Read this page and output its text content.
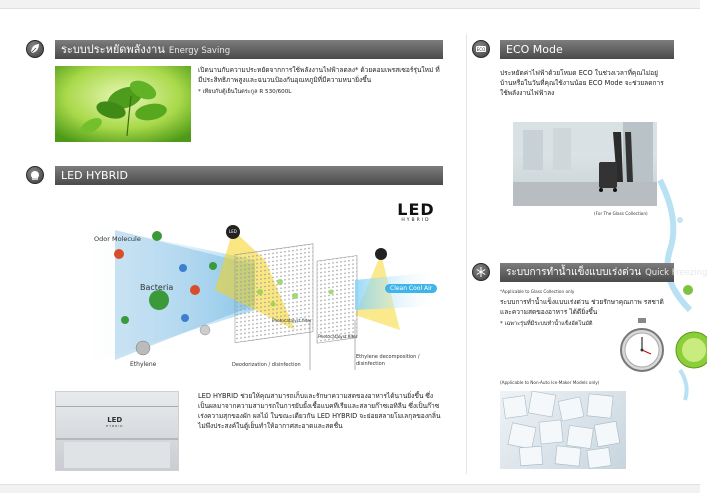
ระบบประหยัดพลังงาน Energy Saving
เปิดนานกับความประหยัดจากการใช้พลังงานไฟฟ้าลดลง* ด้วยคอมเพรสเซอร์รุ่นใหม่ ที่มีประสิทธิภาพสูงและฉนวนป้องกันอุณหภูมิที่มีความหนายิ่งขึ้น
* เทียบกับตู้เย็นในตระกูล R 530/600L
LED HYBRID
LED
HYBRID
LED
Odor Molecule
Bacteria
Ethylene
Clean Cool Air
Photocatalyst filter
Photocatalyst filter
Deodorization / disinfection
Ethylene decomposition / disinfection
LED
HYBRID
LED HYBRID ช่วยให้คุณสามารถเก็บและรักษาความสดของอาหารได้นานยิ่งขึ้น ซึ่งเป็นผลมาจากความสามารถในการยับยั้งเชื้อแบคทีเรียและสลายก๊าซเอทิลีน ซึ่งเป็นก๊าซเร่งความสุกของผัก ผลไม้ ในขณะเดียวกัน LED HYBRID จะย่อยสลายโมเลกุลของกลิ่นไม่พึงประสงค์ในตู้เย็นทำให้อากาศสะอาดและสดชื่น
ECO	ECO Mode
ประหยัดค่าไฟฟ้าด้วยโหมด ECO ในช่วงเวลาที่คุณไม่อยู่บ้านหรือในวันที่คุณใช้งานน้อย ECO Mode จะช่วยลดการใช้พลังงานไฟฟ้าลง
(For The Glass Collection)
ระบบการทำน้ำแข็งแบบเร่งด่วน Quick Freezing
*Applicable to Glass Collection only
ระบบการทำน้ำแข็งแบบเร่งด่วน ช่วยรักษาคุณภาพ รสชาติ และความสดของอาหาร ได้ดียิ่งขึ้น
* เฉพาะรุ่นที่มีระบบทำน้ำแข็งอัตโนมัติ
(Applicable to Non-Auto Ice-Maker Models only)
